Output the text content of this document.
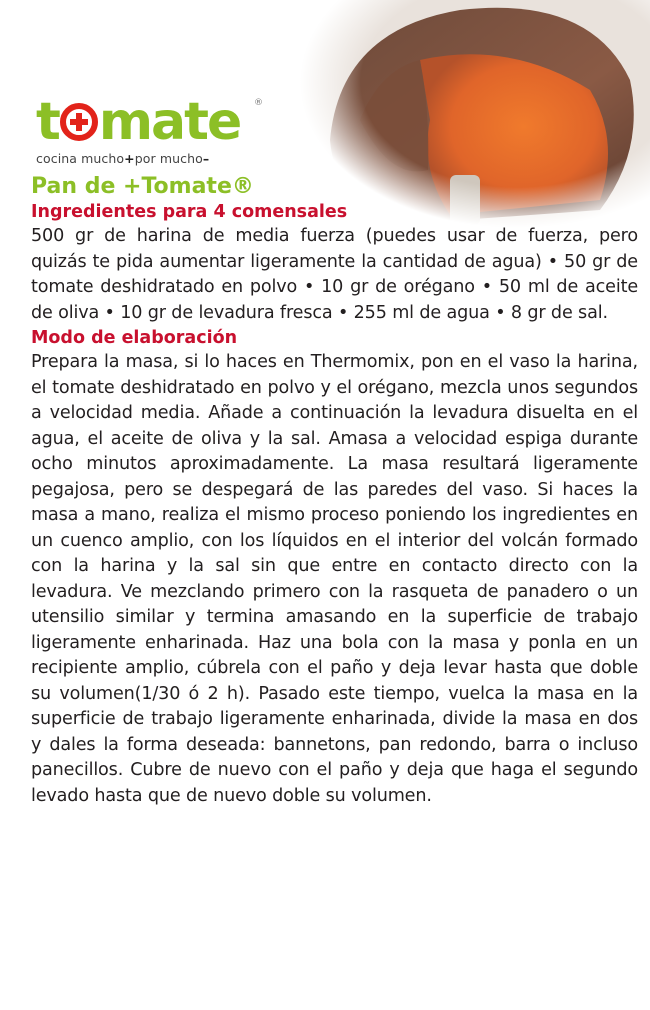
t mate ®
cocina mucho+por mucho–
Pan de +Tomate®
Ingredientes para 4 comensales

500 gr de harina de media fuerza (puedes usar de fuerza, pero quizás te pida aumentar ligeramente la cantidad de agua) • 50 gr de tomate deshidratado en polvo • 10 gr de orégano • 50 ml de aceite de oliva • 10 gr de levadura fresca • 255 ml de agua • 8 gr de sal.

Modo de elaboración

Prepara la masa, si lo haces en Thermomix, pon en el vaso la harina, el tomate deshidratado en polvo y el orégano, mezcla unos segundos a velocidad media. Añade a continuación la levadura disuelta en el agua, el aceite de oliva y la sal. Amasa a velocidad espiga durante ocho minutos aproximadamente. La masa resultará ligeramente pegajosa, pero se despegará de las paredes del vaso. Si haces la masa a mano, realiza el mismo proceso poniendo los ingredientes en un cuenco amplio, con los líquidos en el interior del volcán formado con la harina y la sal sin que entre en contacto directo con la levadura. Ve mezclando primero con la rasqueta de panadero o un utensilio similar y termina amasando en la superficie de trabajo ligeramente enharinada. Haz una bola con la masa y ponla en un recipiente amplio, cúbrela con el paño y deja levar hasta que doble su volumen(1/30 ó 2 h). Pasado este tiempo, vuelca la masa en la superficie de trabajo ligeramente enharinada, divide la masa en dos y dales la forma deseada: bannetons, pan redondo, barra o incluso panecillos. Cubre de nuevo con el paño y deja que haga el segundo levado hasta que de nuevo doble su volumen.
